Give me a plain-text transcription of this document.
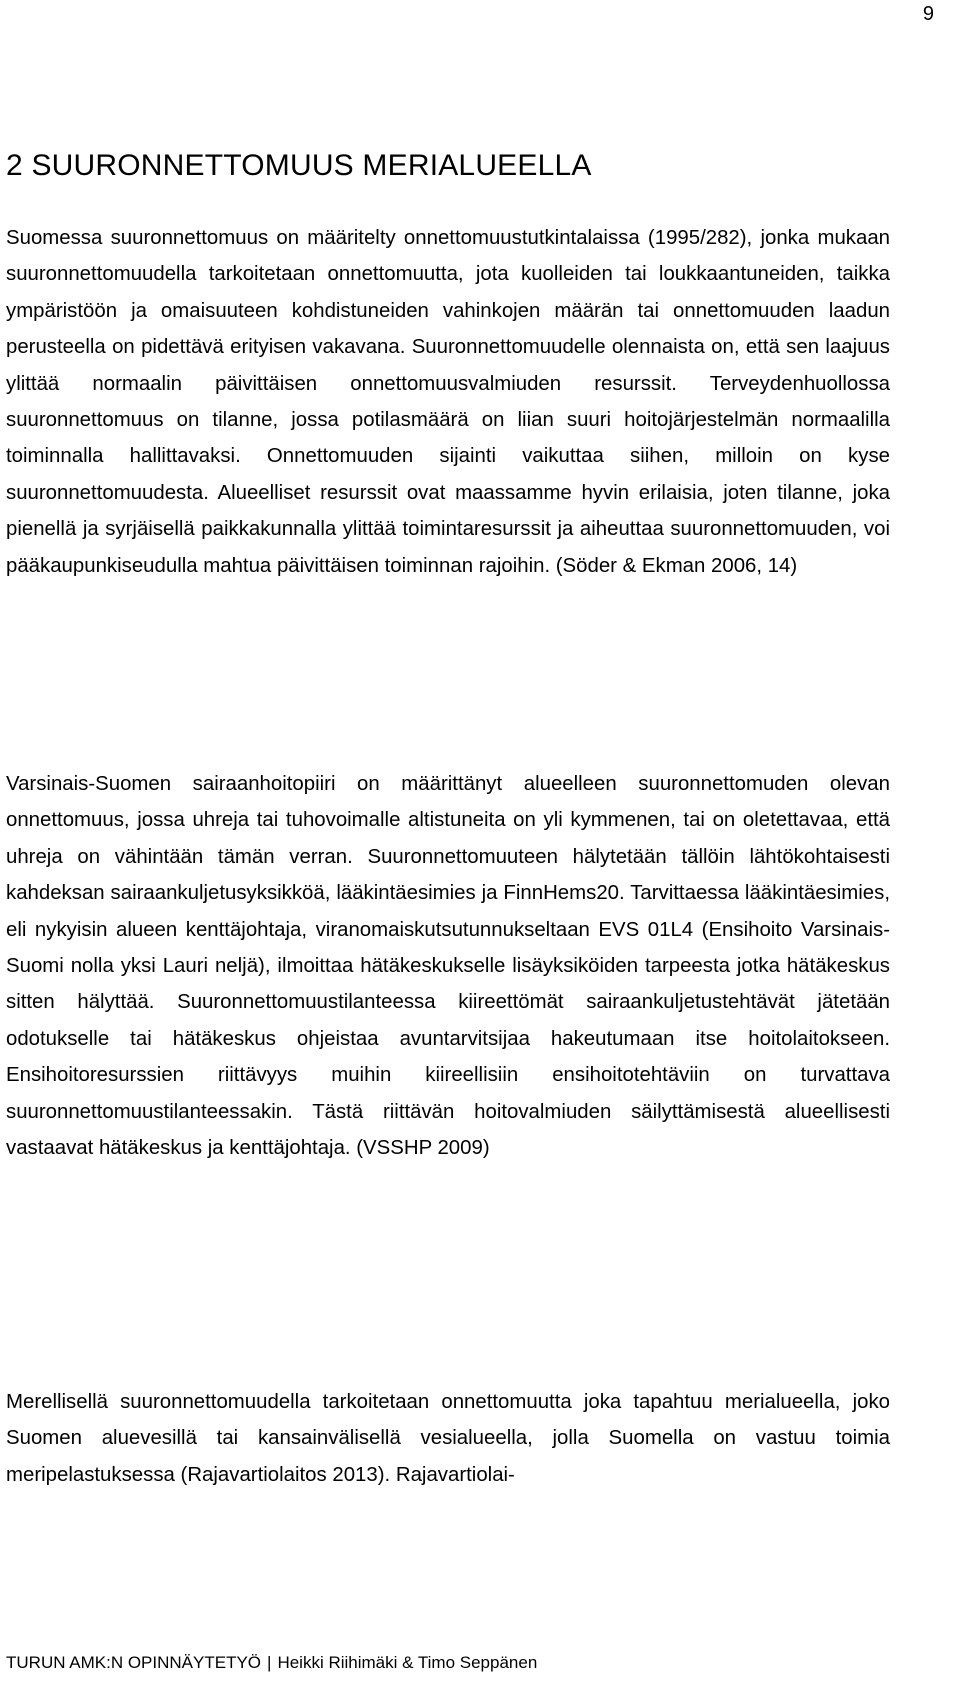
9
2 SUURONNETTOMUUS MERIALUEELLA

Suomessa suuronnettomuus on määritelty onnettomuustutkintalaissa (1995/282), jonka mukaan suuronnettomuudella tarkoitetaan onnettomuutta, jota kuolleiden tai loukkaantuneiden, taikka ympäristöön ja omaisuuteen kohdistuneiden vahinkojen määrän tai onnettomuuden laadun perusteella on pidettävä erityisen vakavana. Suuronnettomuudelle olennaista on, että sen laajuus ylittää normaalin päivittäisen onnettomuusvalmiuden resurssit. Terveydenhuollossa suuronnettomuus on tilanne, jossa potilasmäärä on liian suuri hoitojärjestelmän normaalilla toiminnalla hallittavaksi. Onnettomuuden sijainti vaikuttaa siihen, milloin on kyse suuronnettomuudesta. Alueelliset resurssit ovat maassamme hyvin erilaisia, joten tilanne, joka pienellä ja syrjäisellä paikkakunnalla ylittää toimintaresurssit ja aiheuttaa suuronnettomuuden, voi pääkaupunkiseudulla mahtua päivittäisen toiminnan rajoihin. (Söder & Ekman 2006, 14)

Varsinais-Suomen sairaanhoitopiiri on määrittänyt alueelleen suuronnettomuden olevan onnettomuus, jossa uhreja tai tuhovoimalle altistuneita on yli kymmenen, tai on oletettavaa, että uhreja on vähintään tämän verran. Suuronnettomuuteen hälytetään tällöin lähtökohtaisesti kahdeksan sairaankuljetusyksikköä, lääkintäesimies ja FinnHems20. Tarvittaessa lääkintäesimies, eli nykyisin alueen kenttäjohtaja, viranomaiskutsutunnukseltaan EVS 01L4 (Ensihoito Varsinais-Suomi nolla yksi Lauri neljä), ilmoittaa hätäkeskukselle lisäyksiköiden tarpeesta jotka hätäkeskus sitten hälyttää. Suuronnettomuustilanteessa kiireettömät sairaankuljetustehtävät jätetään odotukselle tai hätäkeskus ohjeistaa avuntarvitsijaa hakeutumaan itse hoitolaitokseen. Ensihoitoresurssien riittävyys muihin kiireellisiin ensihoitotehtäviin on turvattava suuronnettomuustilanteessakin. Tästä riittävän hoitovalmiuden säilyttämisestä alueellisesti vastaavat hätäkeskus ja kenttäjohtaja. (VSSHP 2009)

Merellisellä suuronnettomuudella tarkoitetaan onnettomuutta joka tapahtuu merialueella, joko Suomen aluevesillä tai kansainvälisellä vesialueella, jolla Suomella on vastuu toimia meripelastuksessa (Rajavartiolaitos 2013). Rajavartiolai-

TURUN AMK:N OPINNÄYTETYÖ | Heikki Riihimäki & Timo Seppänen
